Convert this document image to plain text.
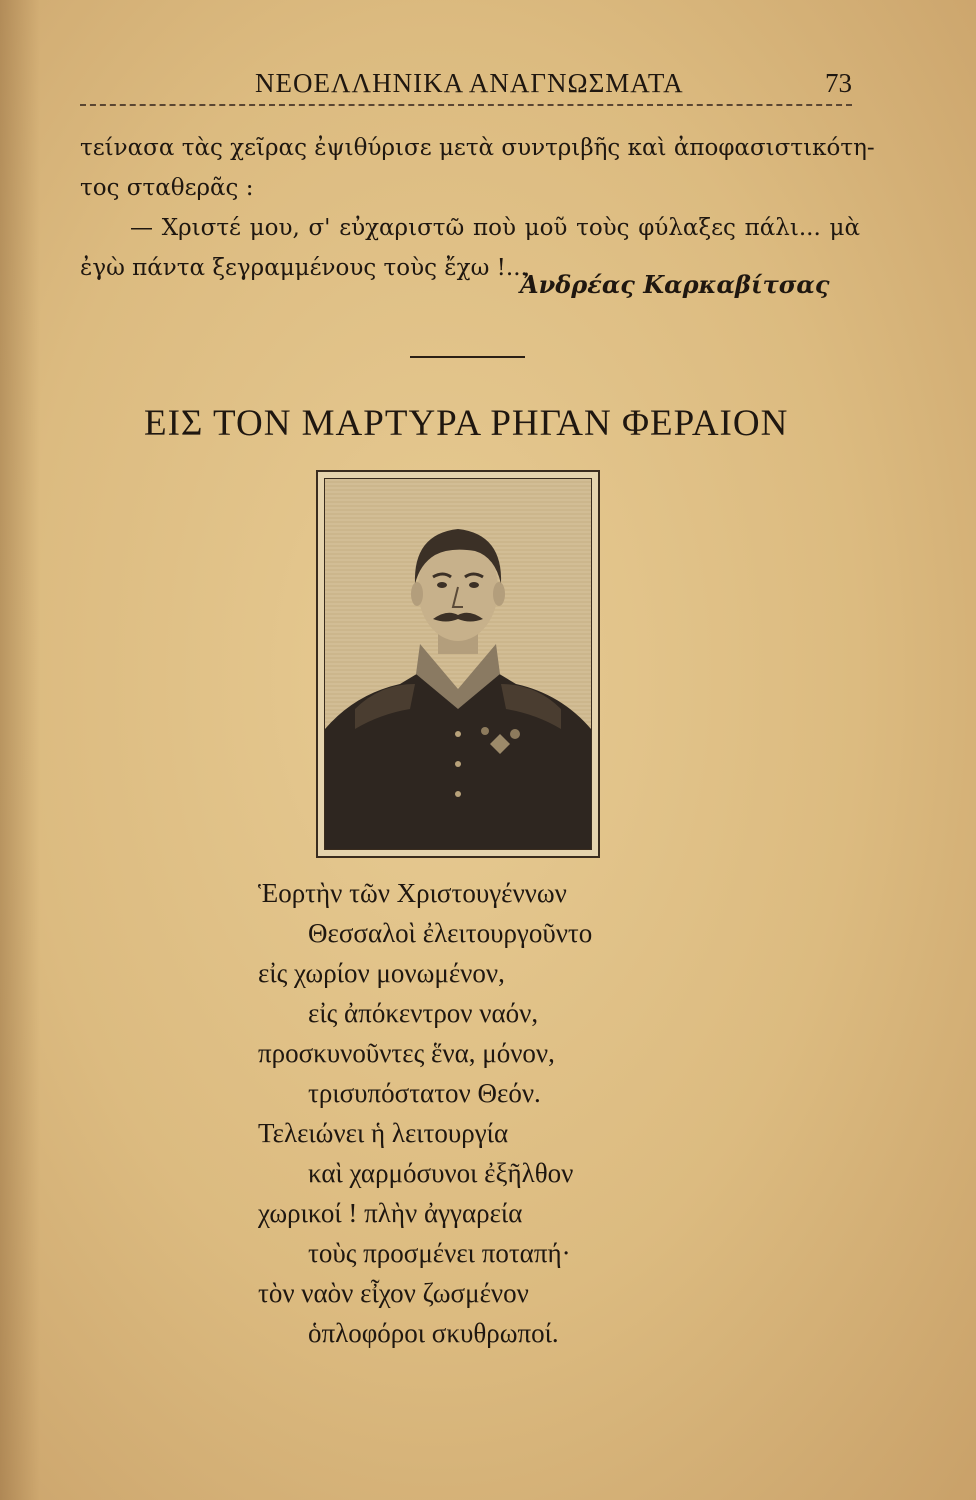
ΝΕΟΕΛΛΗΝΙΚΑ ΑΝΑΓΝΩΣΜΑΤΑ	73
τείνασα τὰς χεῖρας ἐψιθύρισε μετὰ συντριβῆς καὶ ἀποφασιστικότη-
τος σταθερᾶς :
— Χριστέ μου, σ' εὐχαριστῶ ποὺ μοῦ τοὺς φύλαξες πάλι... μὰ
ἐγὼ πάντα ξεγραμμένους τοὺς ἔχω !...
Ἀνδρέας Καρκαβίτσας
ΕΙΣ ΤΟΝ ΜΑΡΤΥΡΑ ΡΗΓΑΝ ΦΕΡΑΙΟΝ
Ἑορτὴν τῶν Χριστουγέννων
Θεσσαλοὶ ἐλειτουργοῦντο
εἰς χωρίον μονωμένον,
εἰς ἀπόκεντρον ναόν,
προσκυνοῦντες ἕνα, μόνον,
τρισυπόστατον Θεόν.
Τελειώνει ἡ λειτουργία
καὶ χαρμόσυνοι ἐξῆλθον
χωρικοί ! πλὴν ἀγγαρεία
τοὺς προσμένει ποταπή·
τὸν ναὸν εἶχον ζωσμένον
ὁπλοφόροι σκυθρωποί.
